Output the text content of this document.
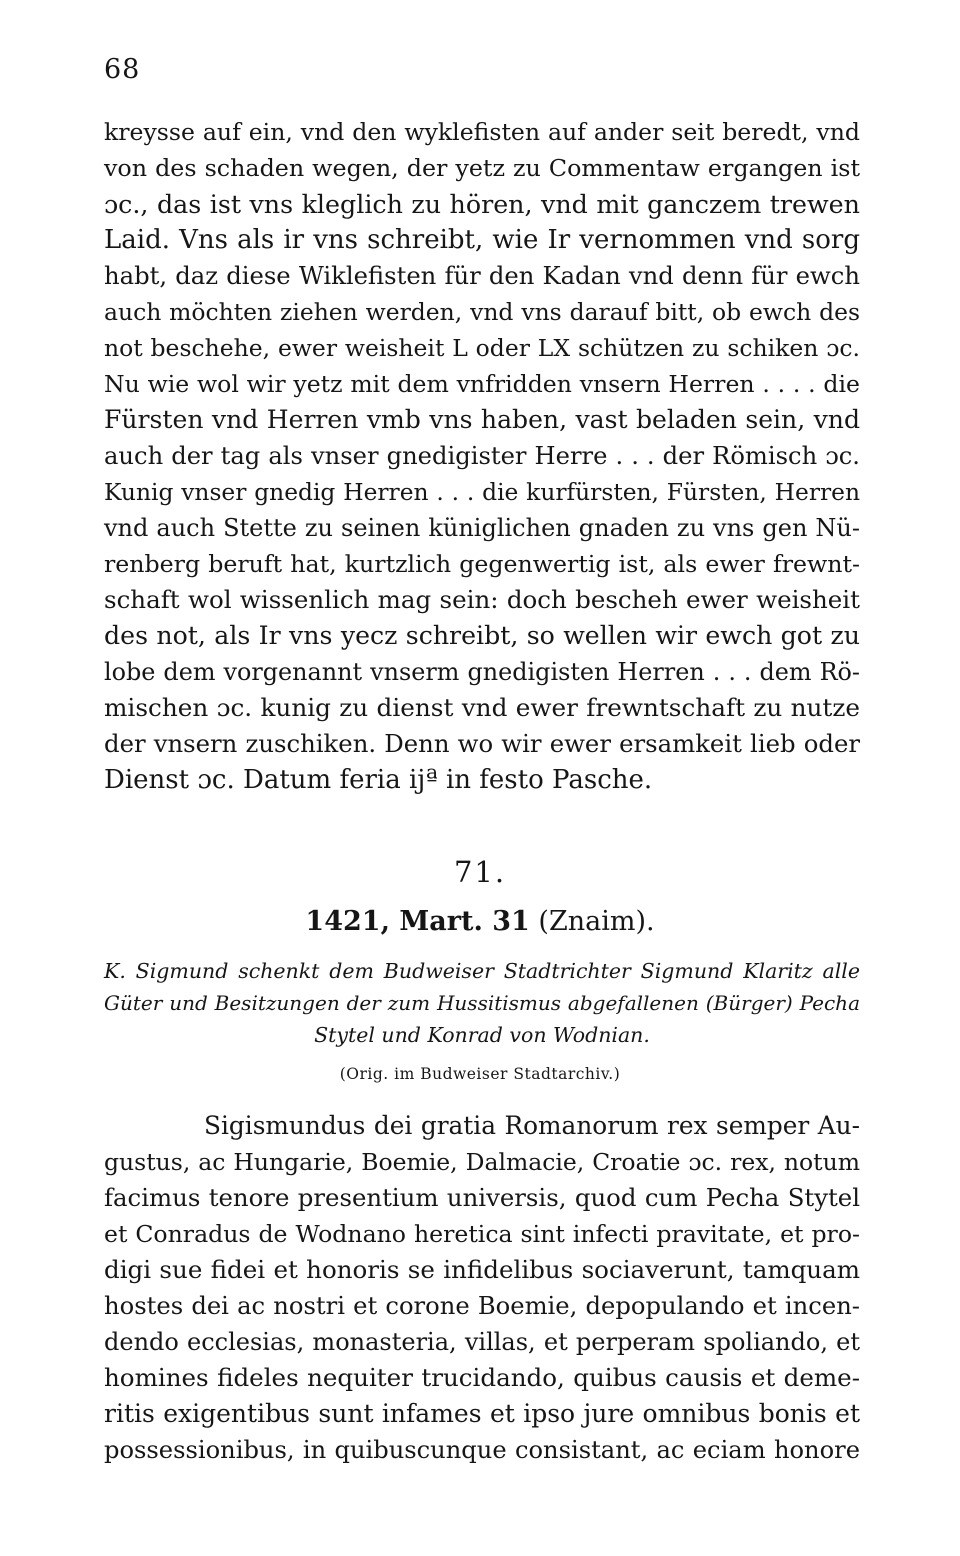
68
kreysse auf ein, vnd den wyklefisten auf ander seit beredt, vnd
von des schaden wegen, der yetz zu Commentaw ergangen ist
ɔc., das ist vns kleglich zu hören, vnd mit ganczem trewen
Laid. Vns als ir vns schreibt, wie Ir vernommen vnd sorg
habt, daz diese Wiklefisten für den Kadan vnd denn für ewch
auch möchten ziehen werden, vnd vns darauf bitt, ob ewch des
not beschehe, ewer weisheit L oder LX schützen zu schiken ɔc.
Nu wie wol wir yetz mit dem vnfridden vnsern Herren . . . . die
Fürsten vnd Herren vmb vns haben, vast beladen sein, vnd
auch der tag als vnser gnedigister Herre . . . der Römisch ɔc.
Kunig vnser gnedig Herren . . . die kurfürsten, Fürsten, Herren
vnd auch Stette zu seinen küniglichen gnaden zu vns gen Nü-
renberg beruft hat, kurtzlich gegenwertig ist, als ewer frewnt-
schaft wol wissenlich mag sein: doch bescheh ewer weisheit
des not, als Ir vns yecz schreibt, so wellen wir ewch got zu
lobe dem vorgenannt vnserm gnedigisten Herren . . . dem Rö-
mischen ɔc. kunig zu dienst vnd ewer frewntschaft zu nutze
der vnsern zuschiken. Denn wo wir ewer ersamkeit lieb oder
Dienst ɔc. Datum feria ijª in festo Pasche.
71.
1421, Mart. 31 (Znaim).
K. Sigmund schenkt dem Budweiser Stadtrichter Sigmund Klaritz alle
Güter und Besitzungen der zum Hussitismus abgefallenen (Bürger) Pecha
Stytel und Konrad von Wodnian.
(Orig. im Budweiser Stadtarchiv.)
Sigismundus dei gratia Romanorum rex semper Au-
gustus, ac Hungarie, Boemie, Dalmacie, Croatie ɔc. rex, notum
facimus tenore presentium universis, quod cum Pecha Stytel
et Conradus de Wodnano heretica sint infecti pravitate, et pro-
digi sue fidei et honoris se infidelibus sociaverunt, tamquam
hostes dei ac nostri et corone Boemie, depopulando et incen-
dendo ecclesias, monasteria, villas, et perperam spoliando, et
homines fideles nequiter trucidando, quibus causis et deme-
ritis exigentibus sunt infames et ipso jure omnibus bonis et
possessionibus, in quibuscunque consistant, ac eciam honore
